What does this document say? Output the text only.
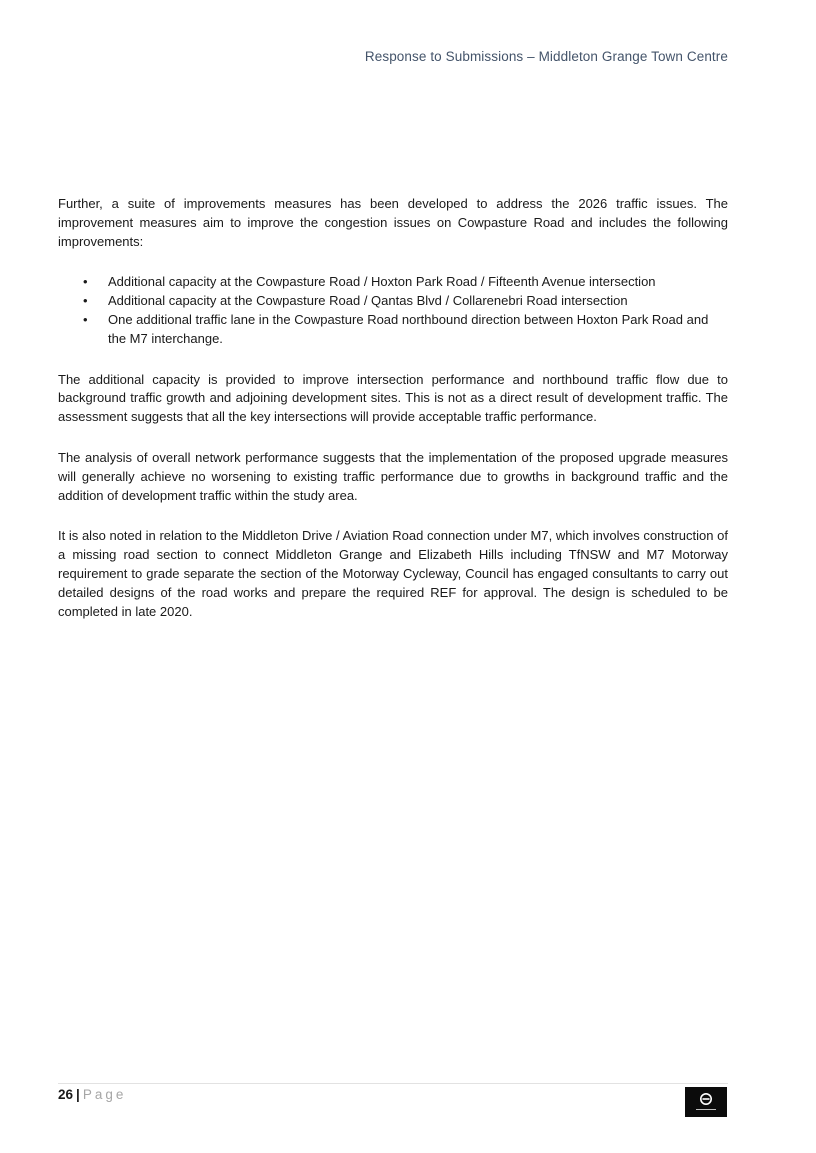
Response to Submissions – Middleton Grange Town Centre

Further, a suite of improvements measures has been developed to address the 2026 traffic issues. The improvement measures aim to improve the congestion issues on Cowpasture Road and includes the following improvements:

• Additional capacity at the Cowpasture Road / Hoxton Park Road / Fifteenth Avenue intersection
• Additional capacity at the Cowpasture Road / Qantas Blvd / Collarenebri Road intersection
• One additional traffic lane in the Cowpasture Road northbound direction between Hoxton Park Road and the M7 interchange.

The additional capacity is provided to improve intersection performance and northbound traffic flow due to background traffic growth and adjoining development sites. This is not as a direct result of development traffic. The assessment suggests that all the key intersections will provide acceptable traffic performance.

The analysis of overall network performance suggests that the implementation of the proposed upgrade measures will generally achieve no worsening to existing traffic performance due to growths in background traffic and the addition of development traffic within the study area.

It is also noted in relation to the Middleton Drive / Aviation Road connection under M7, which involves construction of a missing road section to connect Middleton Grange and Elizabeth Hills including TfNSW and M7 Motorway requirement to grade separate the section of the Motorway Cycleway, Council has engaged consultants to carry out detailed designs of the road works and prepare the required REF for approval. The design is scheduled to be completed in late 2020.

26 | Page
